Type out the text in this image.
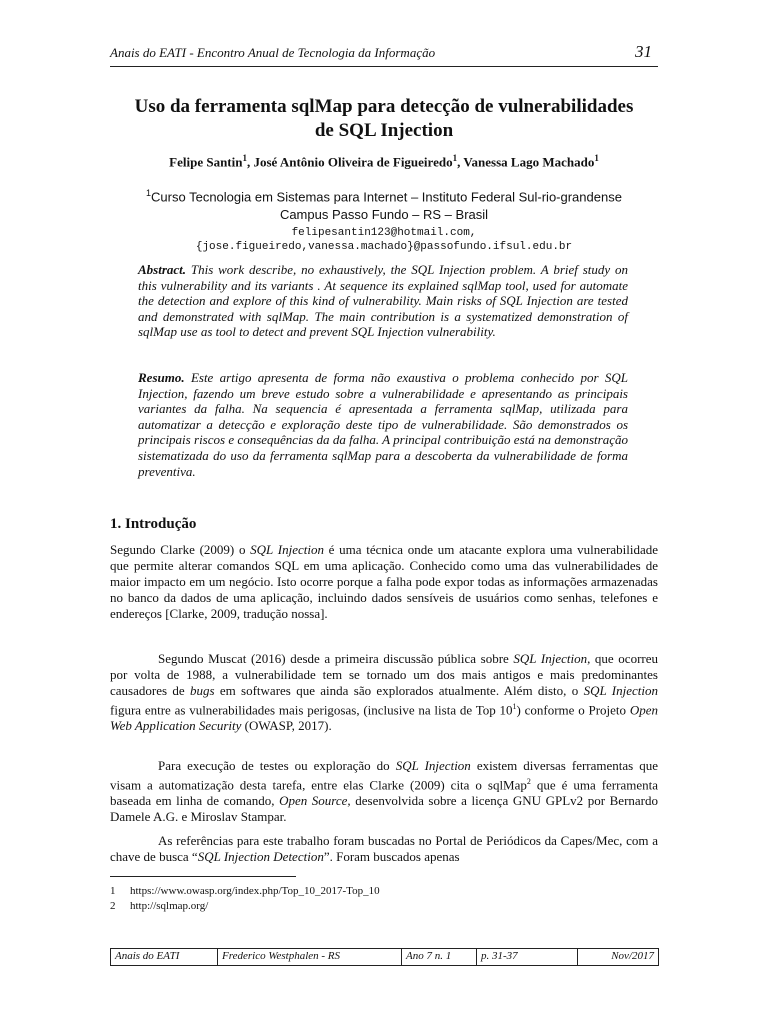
Anais do EATI - Encontro Anual de Tecnologia da Informação	31
Uso da ferramenta sqlMap para detecção de vulnerabilidades
de SQL Injection
Felipe Santin$^1$, José Antônio Oliveira de Figueiredo$^1$, Vanessa Lago Machado$^1$
$^1$Curso Tecnologia em Sistemas para Internet – Instituto Federal Sul-rio-grandense
Campus Passo Fundo – RS – Brasil
felipesantin123@hotmail.com,
{jose.figueiredo,vanessa.machado}@passofundo.ifsul.edu.br

Abstract. This work describe, no exhaustively, the SQL Injection problem. A brief study on this vulnerability and its variants . At sequence its explained sqlMap tool, used for automate the detection and explore of this kind of vulnerability. Main risks of SQL Injection are tested and demonstrated with sqlMap. The main contribution is a systematized demonstration of sqlMap use as tool to detect and prevent SQL Injection vulnerability.

Resumo. Este artigo apresenta de forma não exaustiva o problema conhecido por SQL Injection, fazendo um breve estudo sobre a vulnerabilidade e apresentando as principais variantes da falha. Na sequencia é apresentada a ferramenta sqlMap, utilizada para automatizar a detecção e exploração deste tipo de vulnerabilidade. São demonstrados os principais riscos e consequências da da falha. A principal contribuição está na demonstração sistematizada do uso da ferramenta sqlMap para a descoberta da vulnerabilidade de forma preventiva.

1. Introdução

Segundo Clarke (2009) o SQL Injection é uma técnica onde um atacante explora uma vulnerabilidade que permite alterar comandos SQL em uma aplicação. Conhecido como uma das vulnerabilidades de maior impacto em um negócio. Isto ocorre porque a falha pode expor todas as informações armazenadas no banco da dados de uma aplicação, incluindo dados sensíveis de usuários como senhas, telefones e endereços [Clarke, 2009, tradução nossa].

Segundo Muscat (2016) desde a primeira discussão pública sobre SQL Injection, que ocorreu por volta de 1988, a vulnerabilidade tem se tornado um dos mais antigos e mais predominantes causadores de bugs em softwares que ainda são explorados atualmente. Além disto, o SQL Injection figura entre as vulnerabilidades mais perigosas, (inclusive na lista de Top $10^1$) conforme o Projeto Open Web Application Security (OWASP, 2017).

Para execução de testes ou exploração do SQL Injection existem diversas ferramentas que visam a automatização desta tarefa, entre elas Clarke (2009) cita o sqlMap$^2$ que é uma ferramenta baseada em linha de comando, Open Source, desenvolvida sobre a licença GNU GPLv2 por Bernardo Damele A.G. e Miroslav Stampar.

As referências para este trabalho foram buscadas no Portal de Periódicos da Capes/Mec, com a chave de busca “SQL Injection Detection”. Foram buscados apenas

1 https://www.owasp.org/index.php/Top_10_2017-Top_10
2 http://sqlmap.org/
Anais do EATI	Frederico Westphalen - RS	Ano 7 n. 1	p. 31-37	Nov/2017
